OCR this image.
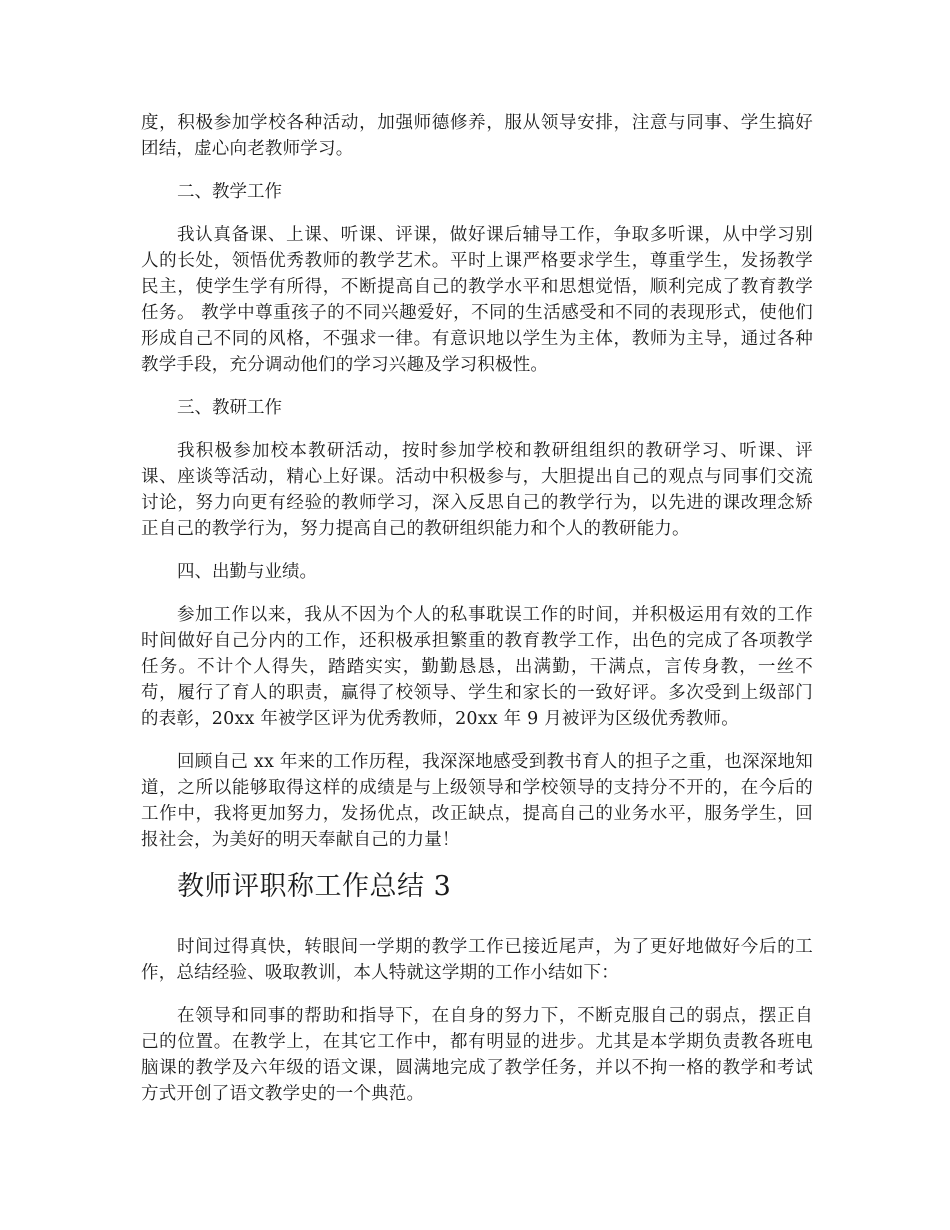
度，积极参加学校各种活动，加强师德修养，服从领导安排，注意与同事、学生搞好团结，虚心向老教师学习。

二、教学工作

我认真备课、上课、听课、评课，做好课后辅导工作，争取多听课，从中学习别人的长处，领悟优秀教师的教学艺术。平时上课严格要求学生，尊重学生，发扬教学民主，使学生学有所得，不断提高自己的教学水平和思想觉悟，顺利完成了教育教学任务。 教学中尊重孩子的不同兴趣爱好，不同的生活感受和不同的表现形式，使他们形成自己不同的风格，不强求一律。有意识地以学生为主体，教师为主导，通过各种教学手段，充分调动他们的学习兴趣及学习积极性。

三、教研工作

我积极参加校本教研活动，按时参加学校和教研组组织的教研学习、听课、评课、座谈等活动，精心上好课。活动中积极参与，大胆提出自己的观点与同事们交流讨论，努力向更有经验的教师学习，深入反思自己的教学行为，以先进的课改理念矫正自己的教学行为，努力提高自己的教研组织能力和个人的教研能力。

四、出勤与业绩。

参加工作以来，我从不因为个人的私事耽误工作的时间，并积极运用有效的工作时间做好自己分内的工作，还积极承担繁重的教育教学工作，出色的完成了各项教学任务。不计个人得失，踏踏实实，勤勤恳恳，出满勤，干满点，言传身教，一丝不苟，履行了育人的职责，赢得了校领导、学生和家长的一致好评。多次受到上级部门的表彰，20xx 年被学区评为优秀教师，20xx 年 9 月被评为区级优秀教师。

回顾自己 xx 年来的工作历程，我深深地感受到教书育人的担子之重，也深深地知道，之所以能够取得这样的成绩是与上级领导和学校领导的支持分不开的，在今后的工作中，我将更加努力，发扬优点，改正缺点，提高自己的业务水平，服务学生，回报社会，为美好的明天奉献自己的力量！

教师评职称工作总结 3

时间过得真快，转眼间一学期的教学工作已接近尾声，为了更好地做好今后的工作，总结经验、吸取教训，本人特就这学期的工作小结如下：

在领导和同事的帮助和指导下，在自身的努力下，不断克服自己的弱点，摆正自己的位置。在教学上，在其它工作中，都有明显的进步。尤其是本学期负责教各班电脑课的教学及六年级的语文课，圆满地完成了教学任务，并以不拘一格的教学和考试方式开创了语文教学史的一个典范。
